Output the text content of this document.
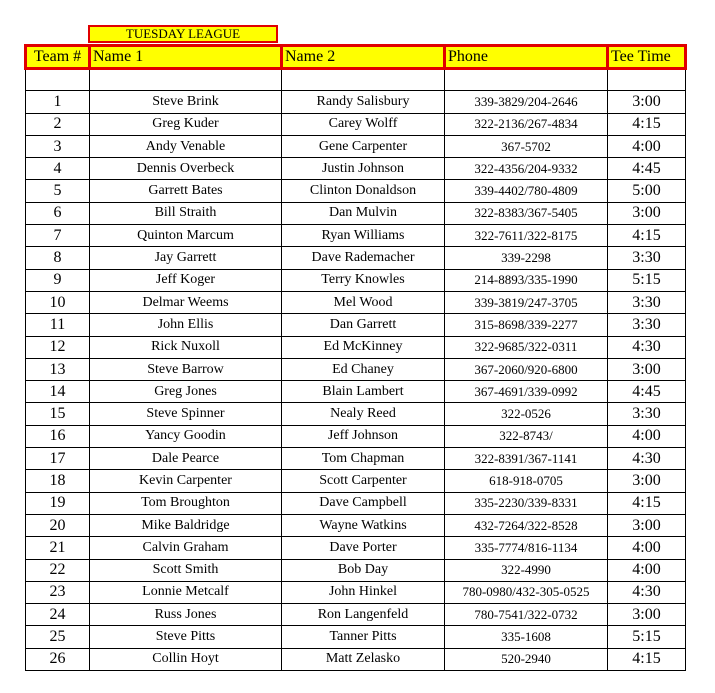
TUESDAY LEAGUE
Team #	Name 1	Name 2	Phone	Tee Time

1	Steve Brink	Randy Salisbury	339-3829/204-2646	3:00
2	Greg Kuder	Carey Wolff	322-2136/267-4834	4:15
3	Andy Venable	Gene Carpenter	367-5702	4:00
4	Dennis Overbeck	Justin Johnson	322-4356/204-9332	4:45
5	Garrett Bates	Clinton Donaldson	339-4402/780-4809	5:00
6	Bill Straith	Dan Mulvin	322-8383/367-5405	3:00
7	Quinton Marcum	Ryan Williams	322-7611/322-8175	4:15
8	Jay Garrett	Dave Rademacher	339-2298	3:30
9	Jeff Koger	Terry Knowles	214-8893/335-1990	5:15
10	Delmar Weems	Mel Wood	339-3819/247-3705	3:30
11	John Ellis	Dan Garrett	315-8698/339-2277	3:30
12	Rick Nuxoll	Ed McKinney	322-9685/322-0311	4:30
13	Steve Barrow	Ed Chaney	367-2060/920-6800	3:00
14	Greg Jones	Blain Lambert	367-4691/339-0992	4:45
15	Steve Spinner	Nealy Reed	322-0526	3:30
16	Yancy Goodin	Jeff Johnson	322-8743/	4:00
17	Dale Pearce	Tom Chapman	322-8391/367-1141	4:30
18	Kevin Carpenter	Scott Carpenter	618-918-0705	3:00
19	Tom Broughton	Dave Campbell	335-2230/339-8331	4:15
20	Mike Baldridge	Wayne Watkins	432-7264/322-8528	3:00
21	Calvin Graham	Dave Porter	335-7774/816-1134	4:00
22	Scott Smith	Bob Day	322-4990	4:00
23	Lonnie Metcalf	John Hinkel	780-0980/432-305-0525	4:30
24	Russ Jones	Ron Langenfeld	780-7541/322-0732	3:00
25	Steve Pitts	Tanner Pitts	335-1608	5:15
26	Collin Hoyt	Matt Zelasko	520-2940	4:15
